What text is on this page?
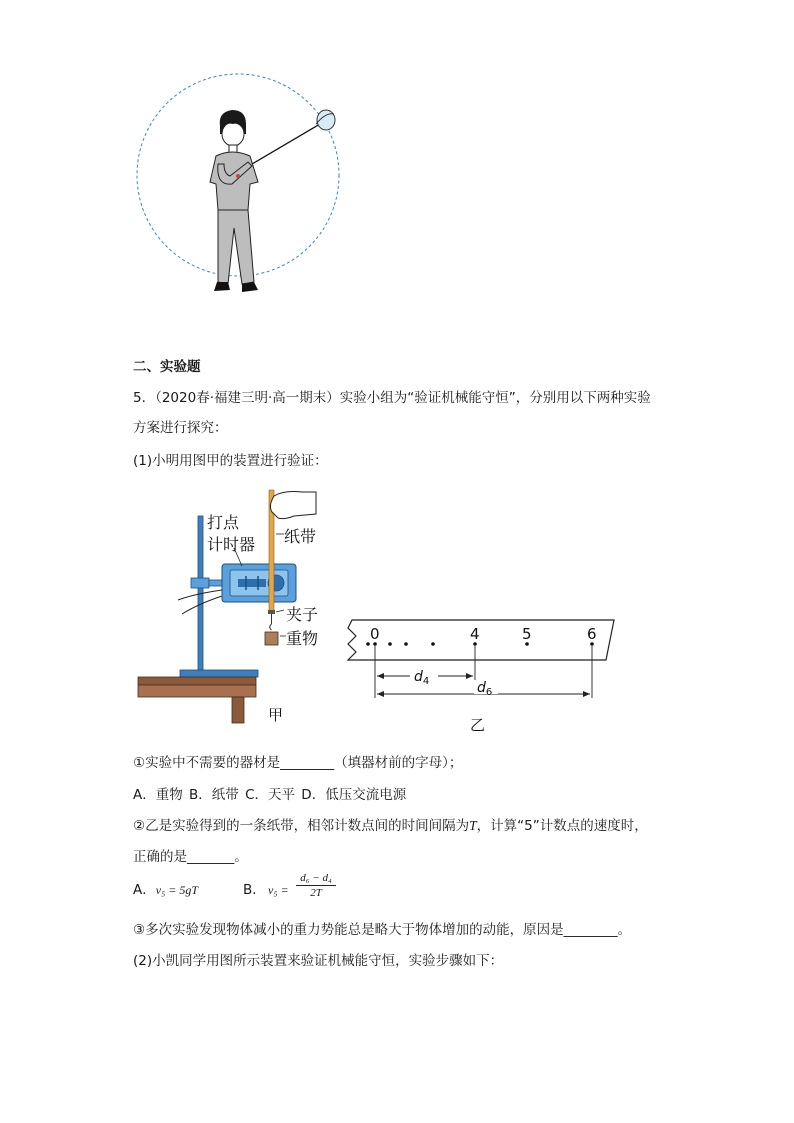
二、实验题
5．（2020春·福建三明·高一期末）实验小组为“验证机械能守恒”，分别用以下两种实验
方案进行探究：
(1)小明用图甲的装置进行验证：
打点
计时器 纸带
夹子
重物
甲
0	4	5	6
$d_4$	$d_6$
乙
①实验中不需要的器材是________（填器材前的字母）；
A．重物 B．纸带 C．天平 D．低压交流电源
②乙是实验得到的一条纸带，相邻计数点间的时间间隔为T，计算“5”计数点的速度时，
正确的是_______。
A．v₅ = 5gT	B． $v_5 = \frac{\text{d₆ − d₄}}{2T}$
③多次实验发现物体减小的重力势能总是略大于物体增加的动能，原因是________。
(2)小凯同学用图所示装置来验证机械能守恒，实验步骤如下：
